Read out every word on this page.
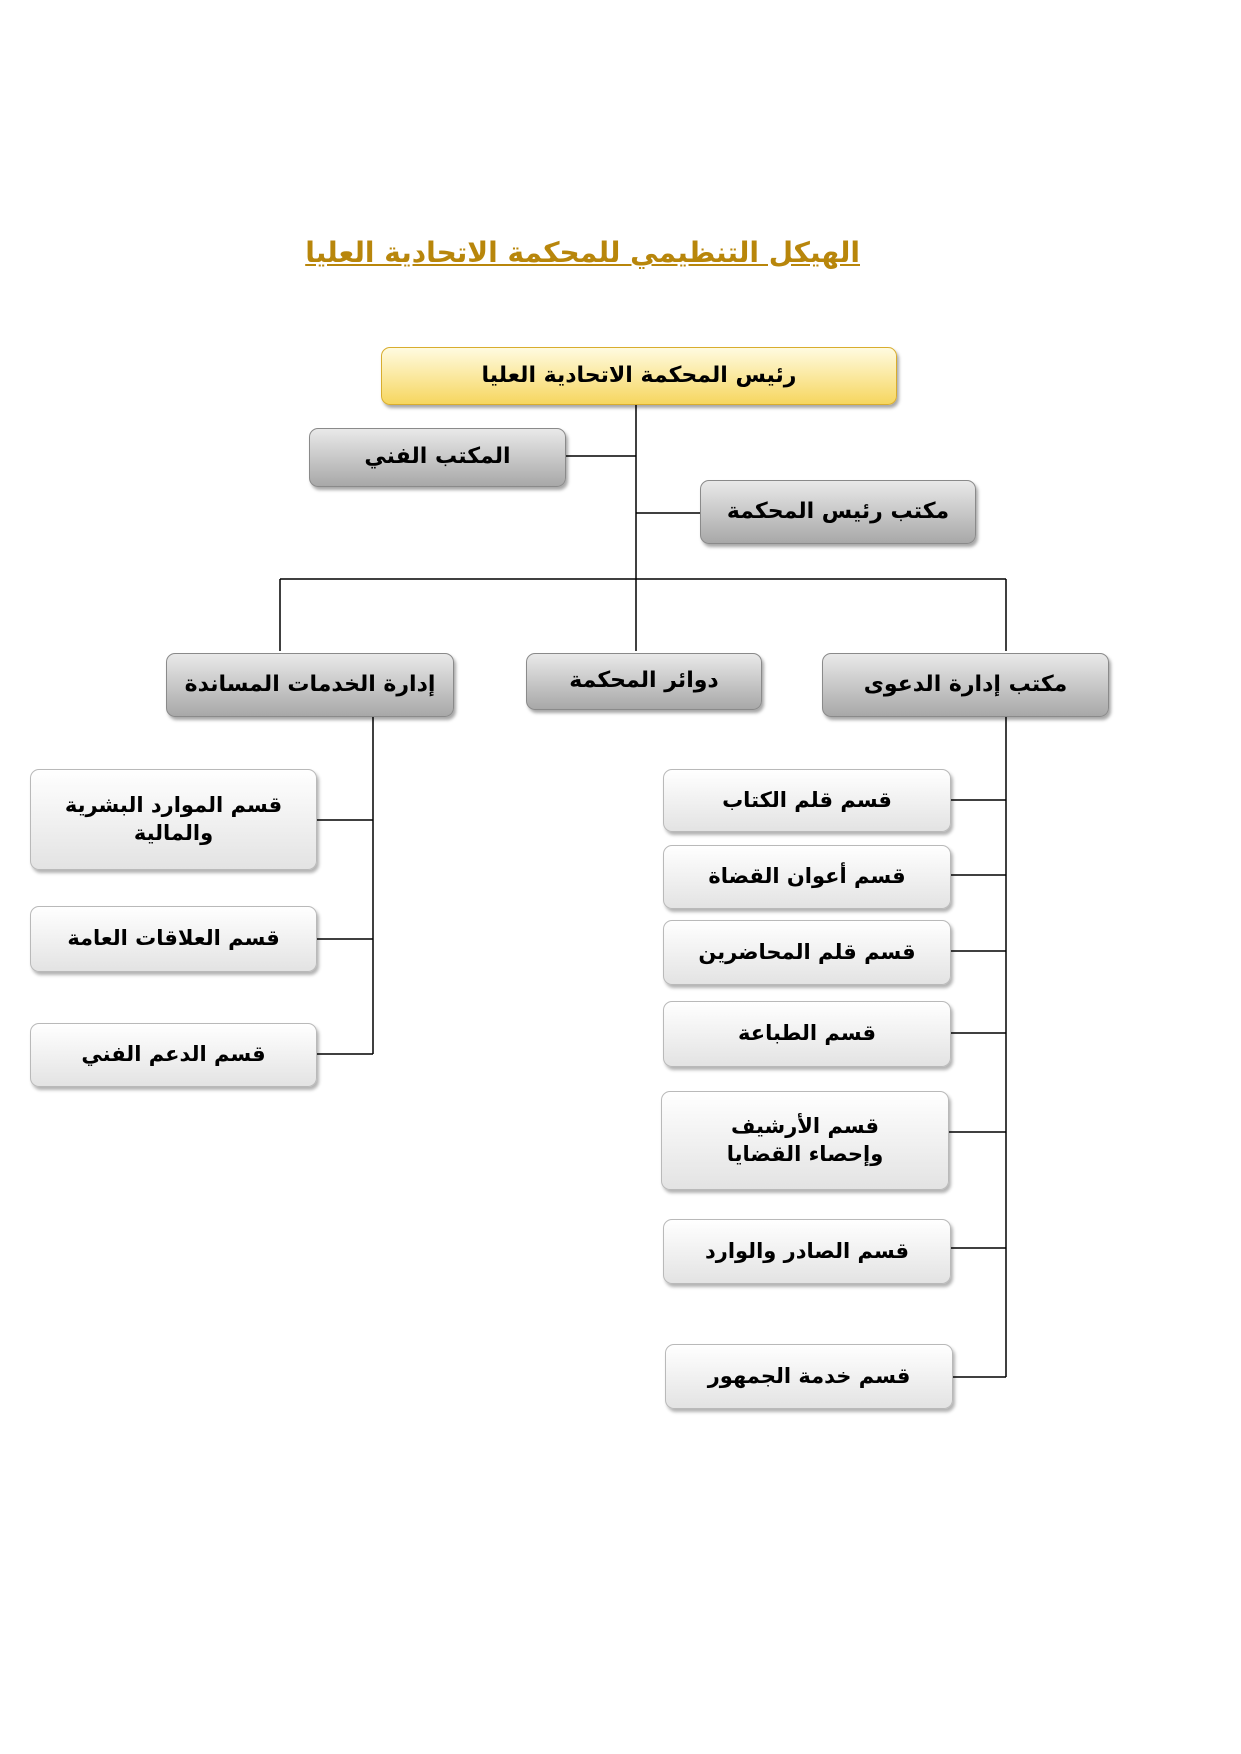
الهيكل التنظيمي للمحكمة الاتحادية العليا
رئيس المحكمة الاتحادية العليا
المكتب الفني
مكتب رئيس المحكمة
إدارة الخدمات المساندة	دوائر المحكمة	مكتب إدارة الدعوى
قسم الموارد البشرية والمالية
قسم العلاقات العامة
قسم الدعم الفني
قسم قلم الكتاب
قسم أعوان القضاة
قسم قلم المحاضرين
قسم الطباعة
قسم الأرشيف وإحصاء القضايا
قسم الصادر والوارد
قسم خدمة الجمهور
